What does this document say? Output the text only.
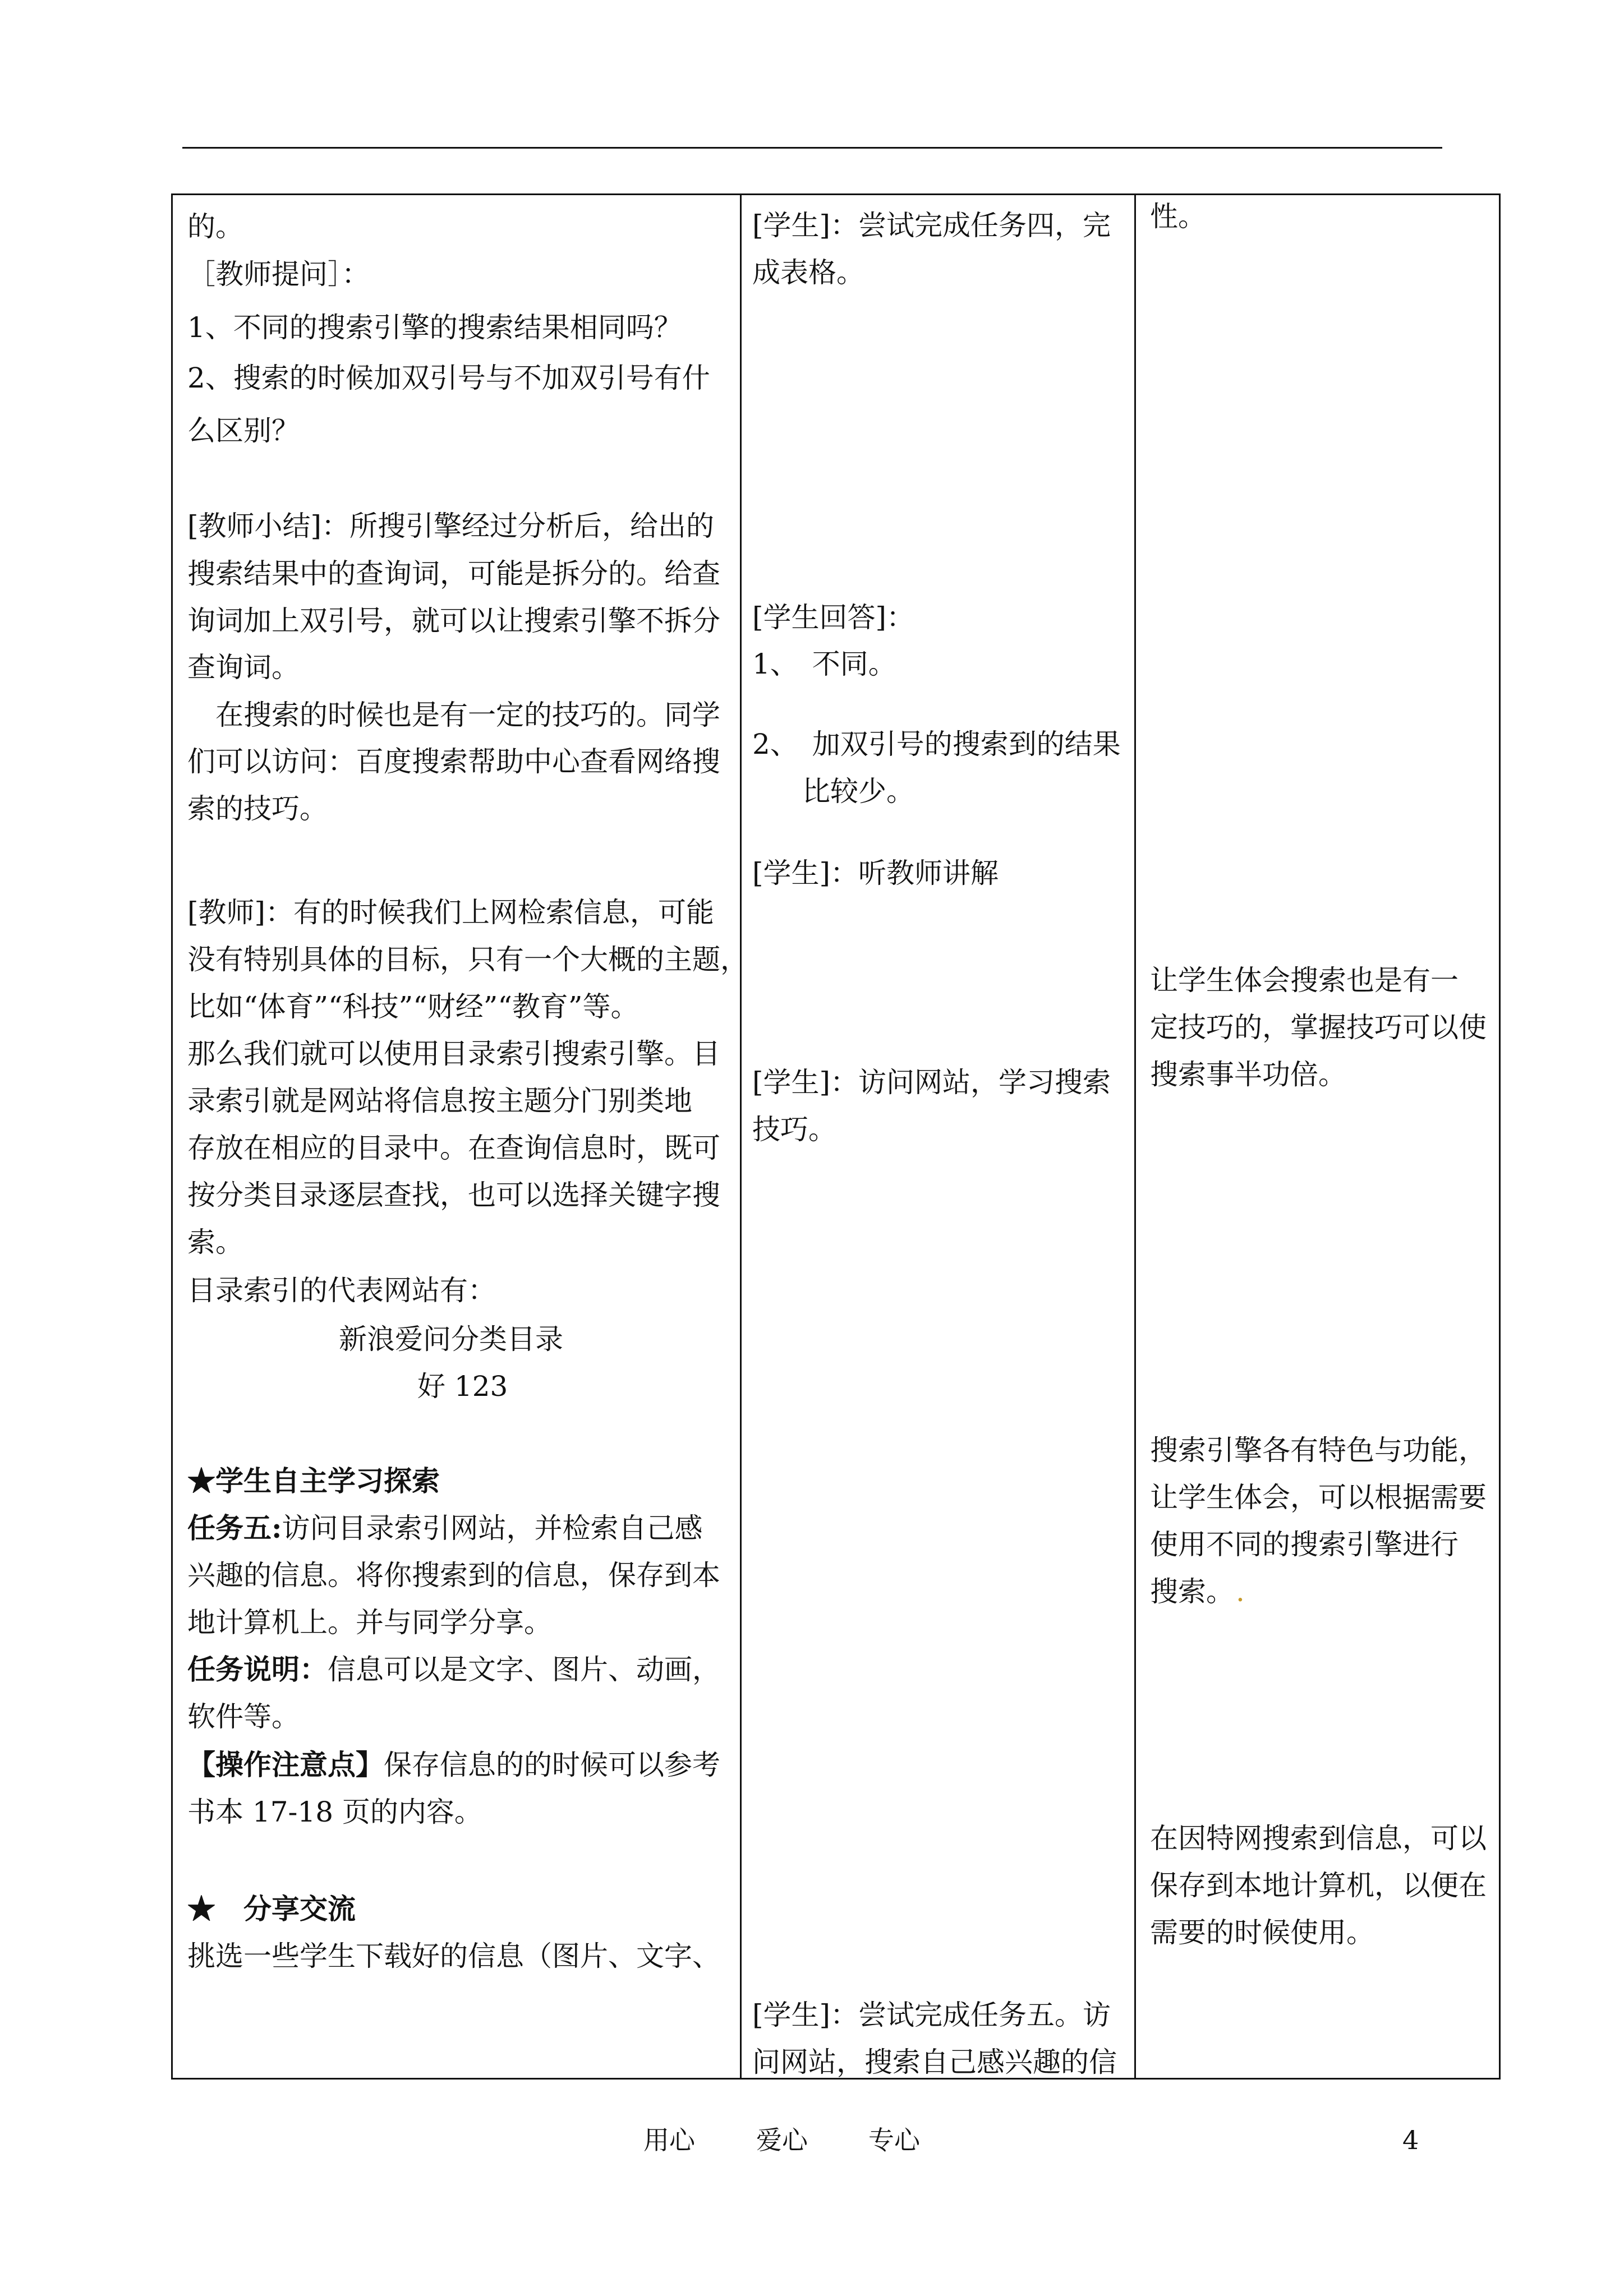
的。
［教师提问］：
1、不同的搜索引擎的搜索结果相同吗？
2、搜索的时候加双引号与不加双引号有什
么区别？
[教师小结]：所搜引擎经过分析后，给出的
搜索结果中的查询词，可能是拆分的。给查
询词加上双引号，就可以让搜索引擎不拆分
查询词。
在搜索的时候也是有一定的技巧的。同学
们可以访问：百度搜索帮助中心查看网络搜
索的技巧。
[教师]：有的时候我们上网检索信息，可能
没有特别具体的目标，只有一个大概的主题，
比如“体育”“科技”“财经”“教育”等。
那么我们就可以使用目录索引搜索引擎。目
录索引就是网站将信息按主题分门别类地
存放在相应的目录中。在查询信息时，既可
按分类目录逐层查找，也可以选择关键字搜
索。
目录索引的代表网站有：
新浪爱问分类目录
好 123
★学生自主学习探索
任务五:访问目录索引网站，并检索自己感
兴趣的信息。将你搜索到的信息，保存到本
地计算机上。并与同学分享。
任务说明：信息可以是文字、图片、动画，
软件等。
【操作注意点】保存信息的的时候可以参考
书本 17-18 页的内容。
★　分享交流
挑选一些学生下载好的信息（图片、文字、
[学生]：尝试完成任务四，完
成表格。
[学生回答]：
1、　不同。
2、　加双引号的搜索到的结果
比较少。
[学生]：听教师讲解
[学生]：访问网站，学习搜索
技巧。
[学生]：尝试完成任务五。访
问网站，搜索自己感兴趣的信
性。
让学生体会搜索也是有一
定技巧的，掌握技巧可以使
搜索事半功倍。
搜索引擎各有特色与功能，
让学生体会，可以根据需要
使用不同的搜索引擎进行
搜索。 .
在因特网搜索到信息，可以
保存到本地计算机，以便在
需要的时候使用。
用心 爱心 专心	4
